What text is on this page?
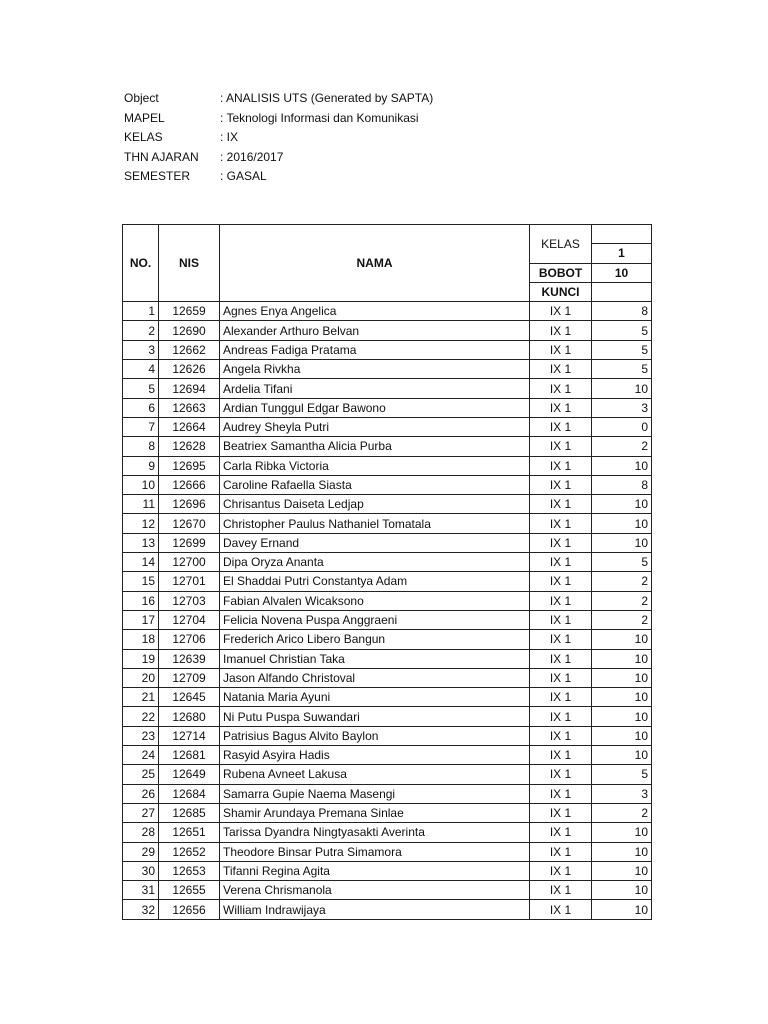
Object	: ANALISIS UTS (Generated by SAPTA)
MAPEL	: Teknologi Informasi dan Komunikasi
KELAS	: IX
THN AJARAN : 2016/2017
SEMESTER : GASAL
NO.	NIS	NAMA	KELAS	
				1
			BOBOT	10
			KUNCI	
1	12659	Agnes Enya Angelica	IX 1	8
2	12690	Alexander Arthuro Belvan	IX 1	5
3	12662	Andreas Fadiga Pratama	IX 1	5
4	12626	Angela Rivkha	IX 1	5
5	12694	Ardelia Tifani	IX 1	10
6	12663	Ardian Tunggul Edgar Bawono	IX 1	3
7	12664	Audrey Sheyla Putri	IX 1	0
8	12628	Beatriex Samantha Alicia Purba	IX 1	2
9	12695	Carla Ribka Victoria	IX 1	10
10	12666	Caroline Rafaella Siasta	IX 1	8
11	12696	Chrisantus Daiseta Ledjap	IX 1	10
12	12670	Christopher Paulus Nathaniel Tomatala	IX 1	10
13	12699	Davey Ernand	IX 1	10
14	12700	Dipa Oryza Ananta	IX 1	5
15	12701	El Shaddai Putri Constantya Adam	IX 1	2
16	12703	Fabian Alvalen Wicaksono	IX 1	2
17	12704	Felicia Novena Puspa Anggraeni	IX 1	2
18	12706	Frederich Arico Libero Bangun	IX 1	10
19	12639	Imanuel Christian Taka	IX 1	10
20	12709	Jason Alfando Christoval	IX 1	10
21	12645	Natania Maria Ayuni	IX 1	10
22	12680	Ni Putu Puspa Suwandari	IX 1	10
23	12714	Patrisius Bagus Alvito Baylon	IX 1	10
24	12681	Rasyid Asyira Hadis	IX 1	10
25	12649	Rubena Avneet Lakusa	IX 1	5
26	12684	Samarra Gupie Naema Masengi	IX 1	3
27	12685	Shamir Arundaya Premana Sinlae	IX 1	2
28	12651	Tarissa Dyandra Ningtyasakti Averinta	IX 1	10
29	12652	Theodore Binsar Putra Simamora	IX 1	10
30	12653	Tifanni Regina Agita	IX 1	10
31	12655	Verena Chrismanola	IX 1	10
32	12656	William Indrawijaya	IX 1	10
